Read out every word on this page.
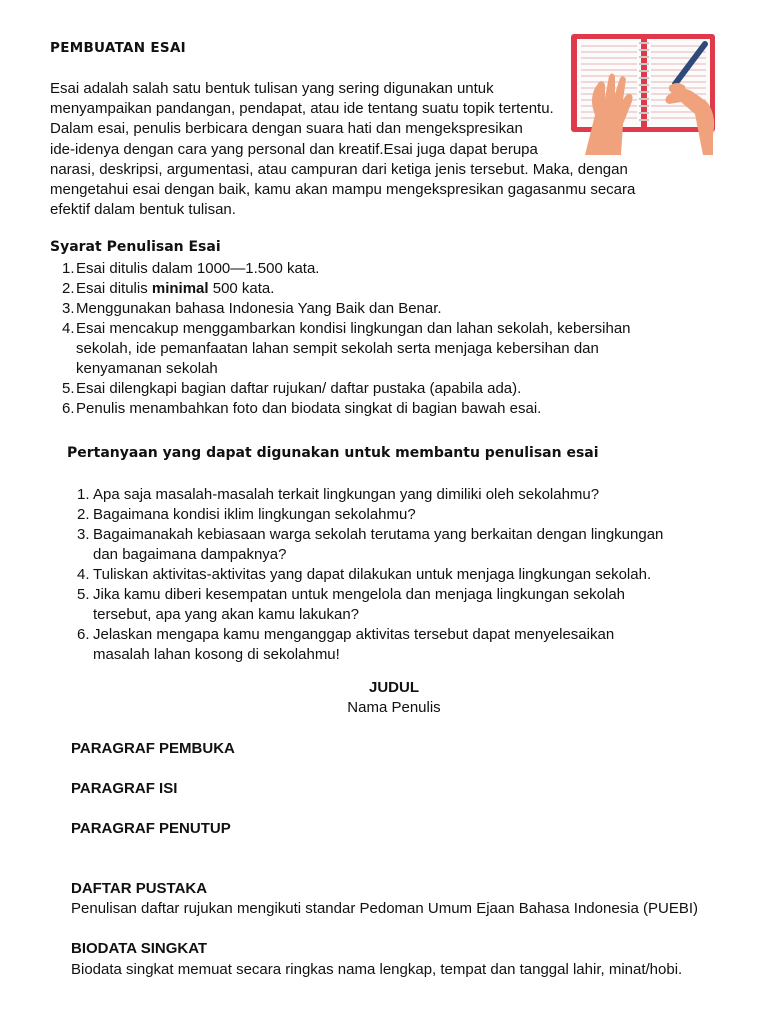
PEMBUATAN ESAI
Esai adalah salah satu bentuk tulisan yang sering digunakan untuk
menyampaikan pandangan, pendapat, atau ide tentang suatu topik tertentu.
Dalam esai, penulis berbicara dengan suara hati dan mengekspresikan
ide-idenya dengan cara yang personal dan kreatif.Esai juga dapat berupa
narasi, deskripsi, argumentasi, atau campuran dari ketiga jenis tersebut. Maka, dengan
mengetahui esai dengan baik, kamu akan mampu mengekspresikan gagasanmu secara
efektif dalam bentuk tulisan.
Syarat Penulisan Esai
1. Esai ditulis dalam 1000—1.500 kata.
2. Esai ditulis minimal 500 kata.
3. Menggunakan bahasa Indonesia Yang Baik dan Benar.
4. Esai mencakup menggambarkan kondisi lingkungan dan lahan sekolah, kebersihan
sekolah, ide pemanfaatan lahan sempit sekolah serta menjaga kebersihan dan
kenyamanan sekolah
5. Esai dilengkapi bagian daftar rujukan/ daftar pustaka (apabila ada).
6. Penulis menambahkan foto dan biodata singkat di bagian bawah esai.
Pertanyaan yang dapat digunakan untuk membantu penulisan esai
1. Apa saja masalah-masalah terkait lingkungan yang dimiliki oleh sekolahmu?
2. Bagaimana kondisi iklim lingkungan sekolahmu?
3. Bagaimanakah kebiasaan warga sekolah terutama yang berkaitan dengan lingkungan
dan bagaimana dampaknya?
4. Tuliskan aktivitas-aktivitas yang dapat dilakukan untuk menjaga lingkungan sekolah.
5. Jika kamu diberi kesempatan untuk mengelola dan menjaga lingkungan sekolah
tersebut, apa yang akan kamu lakukan?
6. Jelaskan mengapa kamu menganggap aktivitas tersebut dapat menyelesaikan
masalah lahan kosong di sekolahmu!
JUDUL
Nama Penulis
PARAGRAF PEMBUKA
PARAGRAF ISI
PARAGRAF PENUTUP
DAFTAR PUSTAKA
Penulisan daftar rujukan mengikuti standar Pedoman Umum Ejaan Bahasa Indonesia (PUEBI)
BIODATA SINGKAT
Biodata singkat memuat secara ringkas nama lengkap, tempat dan tanggal lahir, minat/hobi.
